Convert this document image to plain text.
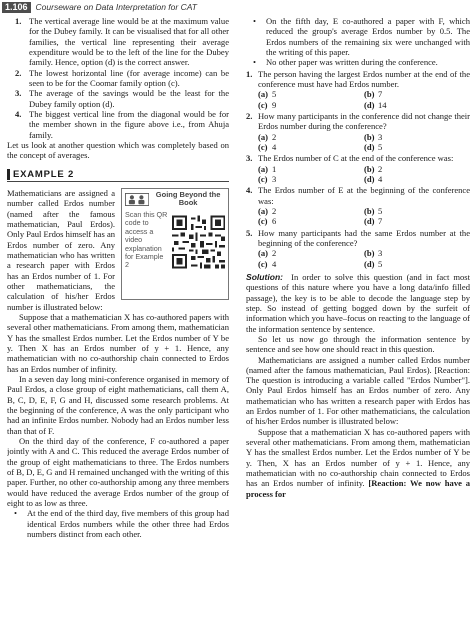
1.106 Courseware on Data Interpretation for CAT
1. The vertical average line would be at the maximum value for the Dubey family. It can be visualised that for all other families, the vertical line representing their average expenditure would be to the left of the line for the Dubey family. Hence, option (d) is the correct answer.
2. The lowest horizontal line (for average income) can be seen to be for the Coomar family option (c).
3. The average of the savings would be the least for the Dubey family option (d).
4. The biggest vertical line from the diagonal would be for the member shown in the figure above i.e., from Ahuja family.

Let us look at another question which was completely based on the concept of averages.

EXAMPLE 2
Going Beyond the Book
Scan this QR code to access a video explanation for Example 2

Mathematicians are assigned a number called Erdos number (named after the famous mathematician, Paul Erdos). Only Paul Erdos himself has an Erdos number of zero. Any mathematician who has written a research paper with Erdos has an Erdos number of 1. For other mathematicians, the calculation of his/her Erdos number is illustrated below:

Suppose that a mathematician X has co-authored papers with several other mathematicians. From among them, mathematician Y has the smallest Erdos number. Let the Erdos number of Y be y. Then X has an Erdos number of y + 1. Hence, any mathematician with no co-authorship chain connected to Erdos has an Erdos number of infinity.

In a seven day long mini-conference organised in memory of Paul Erdos, a close group of eight mathematicians, call them A, B, C, D, E, F, G and H, discussed some research problems. At the beginning of the conference, A was the only participant who had an infinite Erdos number. Nobody had an Erdos number less than that of F.

On the third day of the conference, F co-authored a paper jointly with A and C. This reduced the average Erdos number of the group of eight mathematicians to three. The Erdos numbers of B, D, E, G and H remained unchanged with the writing of this paper. Further, no other co-authorship among any three members would have reduced the average Erdos number of the group of eight to as low as three.

• At the end of the third day, five members of this group had identical Erdos numbers while the other three had Erdos numbers distinct from each other.
• On the fifth day, E co-authored a paper with F, which reduced the group's average Erdos number by 0.5. The Erdos numbers of the remaining six were unchanged with the writing of this paper.
• No other paper was written during the conference.
1. The person having the largest Erdos number at the end of the conference must have had Erdos number.
(a) 5	(b) 7
(c) 9	(d) 14
2. How many participants in the conference did not change their Erdos number during the conference?
(a) 2	(b) 3
(c) 4	(d) 5
3. The Erdos number of C at the end of the conference was:
(a) 1	(b) 2
(c) 3	(d) 4
4. The Erdos number of E at the beginning of the conference was:
(a) 2	(b) 5
(c) 6	(d) 7
5. How many participants had the same Erdos number at the beginning of the conference?
(a) 2	(b) 3
(c) 4	(d) 5

Solution: In order to solve this question (and in fact most questions of this nature where you have a long data/info filled passage), the key is to be able to decode the language step by step. So instead of getting bogged down by the surfeit of information which you have–focus on reacting to the language of the information sentence by sentence.

So let us now go through the information sentence by sentence and see how one should react in this question.

Mathematicians are assigned a number called Erdos number (named after the famous mathematician, Paul Erdos). [Reaction: The question is introducing a variable called "Erdos Number"]. Only Paul Erdos himself has an Erdos number of zero. Any mathematician who has written a research paper with Erdos has an Erdos number of 1. For other mathematicians, the calculation of his/her Erdos number is illustrated below:

Suppose that a mathematician X has co-authored papers with several other mathematicians. From among them, mathematician Y has the smallest Erdos number. Let the Erdos number of Y be y. Then, X has an Erdos number of y + 1. Hence, any mathematician with no co-authorship chain connected to Erdos has an Erdos number of infinity. [Reaction: We now have a process for
